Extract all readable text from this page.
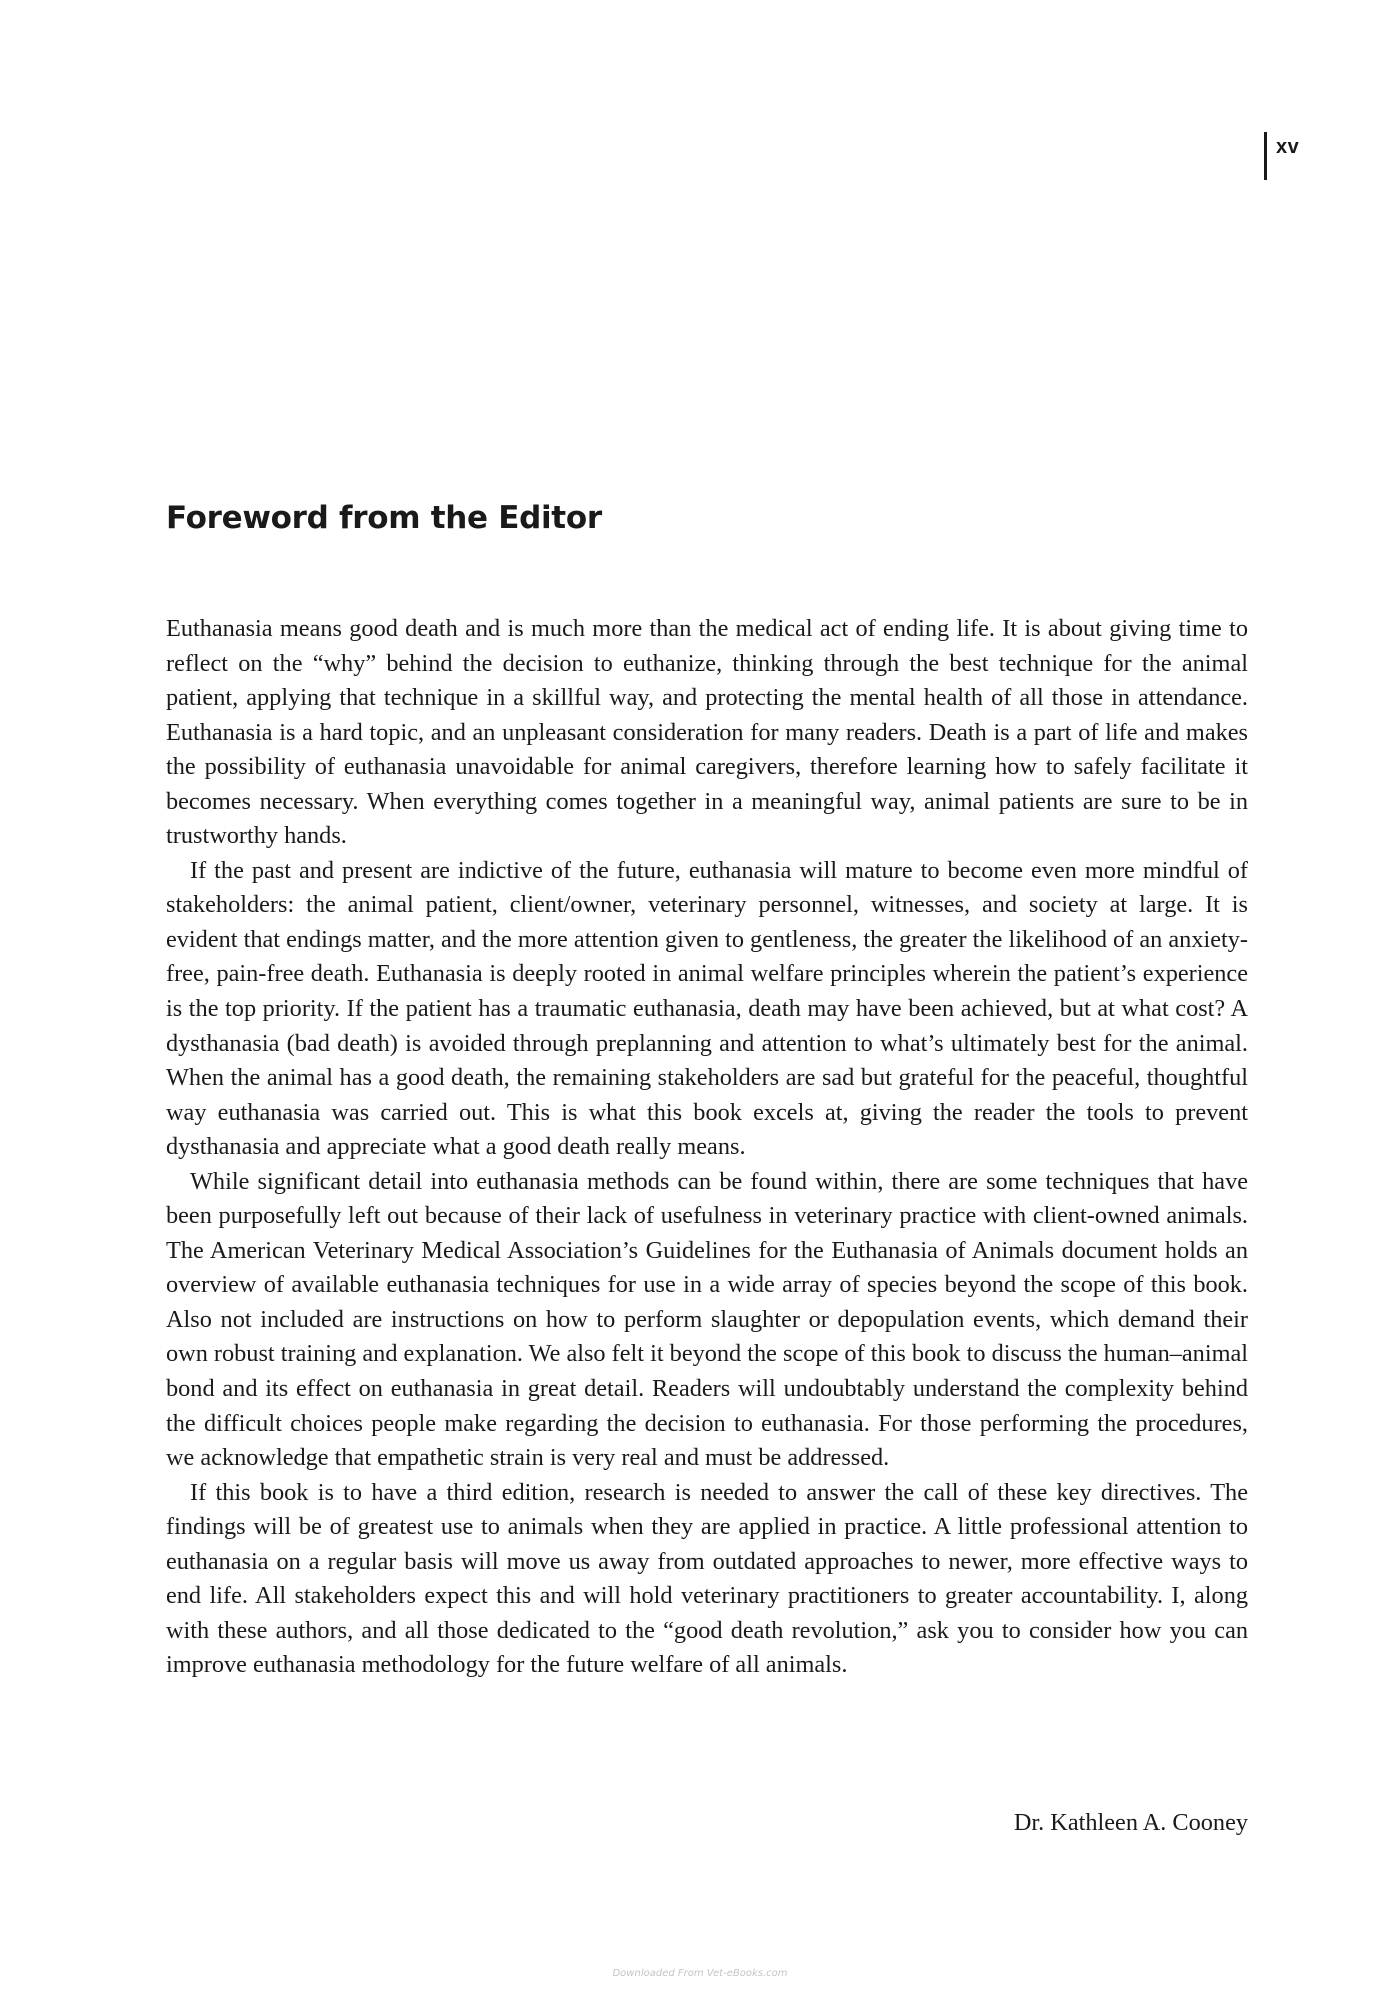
xv
Foreword from the Editor

Euthanasia means good death and is much more than the medical act of ending life. It is about giving time to reflect on the “why” behind the decision to euthanize, thinking through the best technique for the animal patient, applying that technique in a skillful way, and protecting the mental health of all those in attendance. Euthanasia is a hard topic, and an unpleasant consideration for many readers. Death is a part of life and makes the possibility of euthanasia unavoidable for animal caregivers, therefore learning how to safely facilitate it becomes necessary. When everything comes together in a meaningful way, animal patients are sure to be in trustworthy hands.

If the past and present are indictive of the future, euthanasia will mature to become even more mindful of stakeholders: the animal patient, client/owner, veterinary personnel, witnesses, and society at large. It is evident that endings matter, and the more attention given to gentleness, the greater the likelihood of an anxiety-free, pain-free death. Euthanasia is deeply rooted in animal welfare principles wherein the patient’s experience is the top priority. If the patient has a traumatic euthanasia, death may have been achieved, but at what cost? A dysthanasia (bad death) is avoided through preplanning and attention to what’s ultimately best for the animal. When the animal has a good death, the remaining stakeholders are sad but grateful for the peaceful, thoughtful way euthanasia was carried out. This is what this book excels at, giving the reader the tools to prevent dysthanasia and appreciate what a good death really means.

While significant detail into euthanasia methods can be found within, there are some techniques that have been purposefully left out because of their lack of usefulness in veterinary practice with client-owned animals. The American Veterinary Medical Association’s Guidelines for the Euthanasia of Animals document holds an overview of available euthanasia techniques for use in a wide array of species beyond the scope of this book. Also not included are instructions on how to perform slaughter or depopulation events, which demand their own robust training and explanation. We also felt it beyond the scope of this book to discuss the human–animal bond and its effect on euthanasia in great detail. Readers will undoubtably understand the complexity behind the difficult choices people make regarding the decision to euthanasia. For those performing the procedures, we acknowledge that empathetic strain is very real and must be addressed.

If this book is to have a third edition, research is needed to answer the call of these key directives. The findings will be of greatest use to animals when they are applied in practice. A little professional attention to euthanasia on a regular basis will move us away from outdated approaches to newer, more effective ways to end life. All stakeholders expect this and will hold veterinary practitioners to greater accountability. I, along with these authors, and all those dedicated to the “good death revolution,” ask you to consider how you can improve euthanasia methodology for the future welfare of all animals.

Dr. Kathleen A. Cooney
Downloaded From Vet-eBooks.com
